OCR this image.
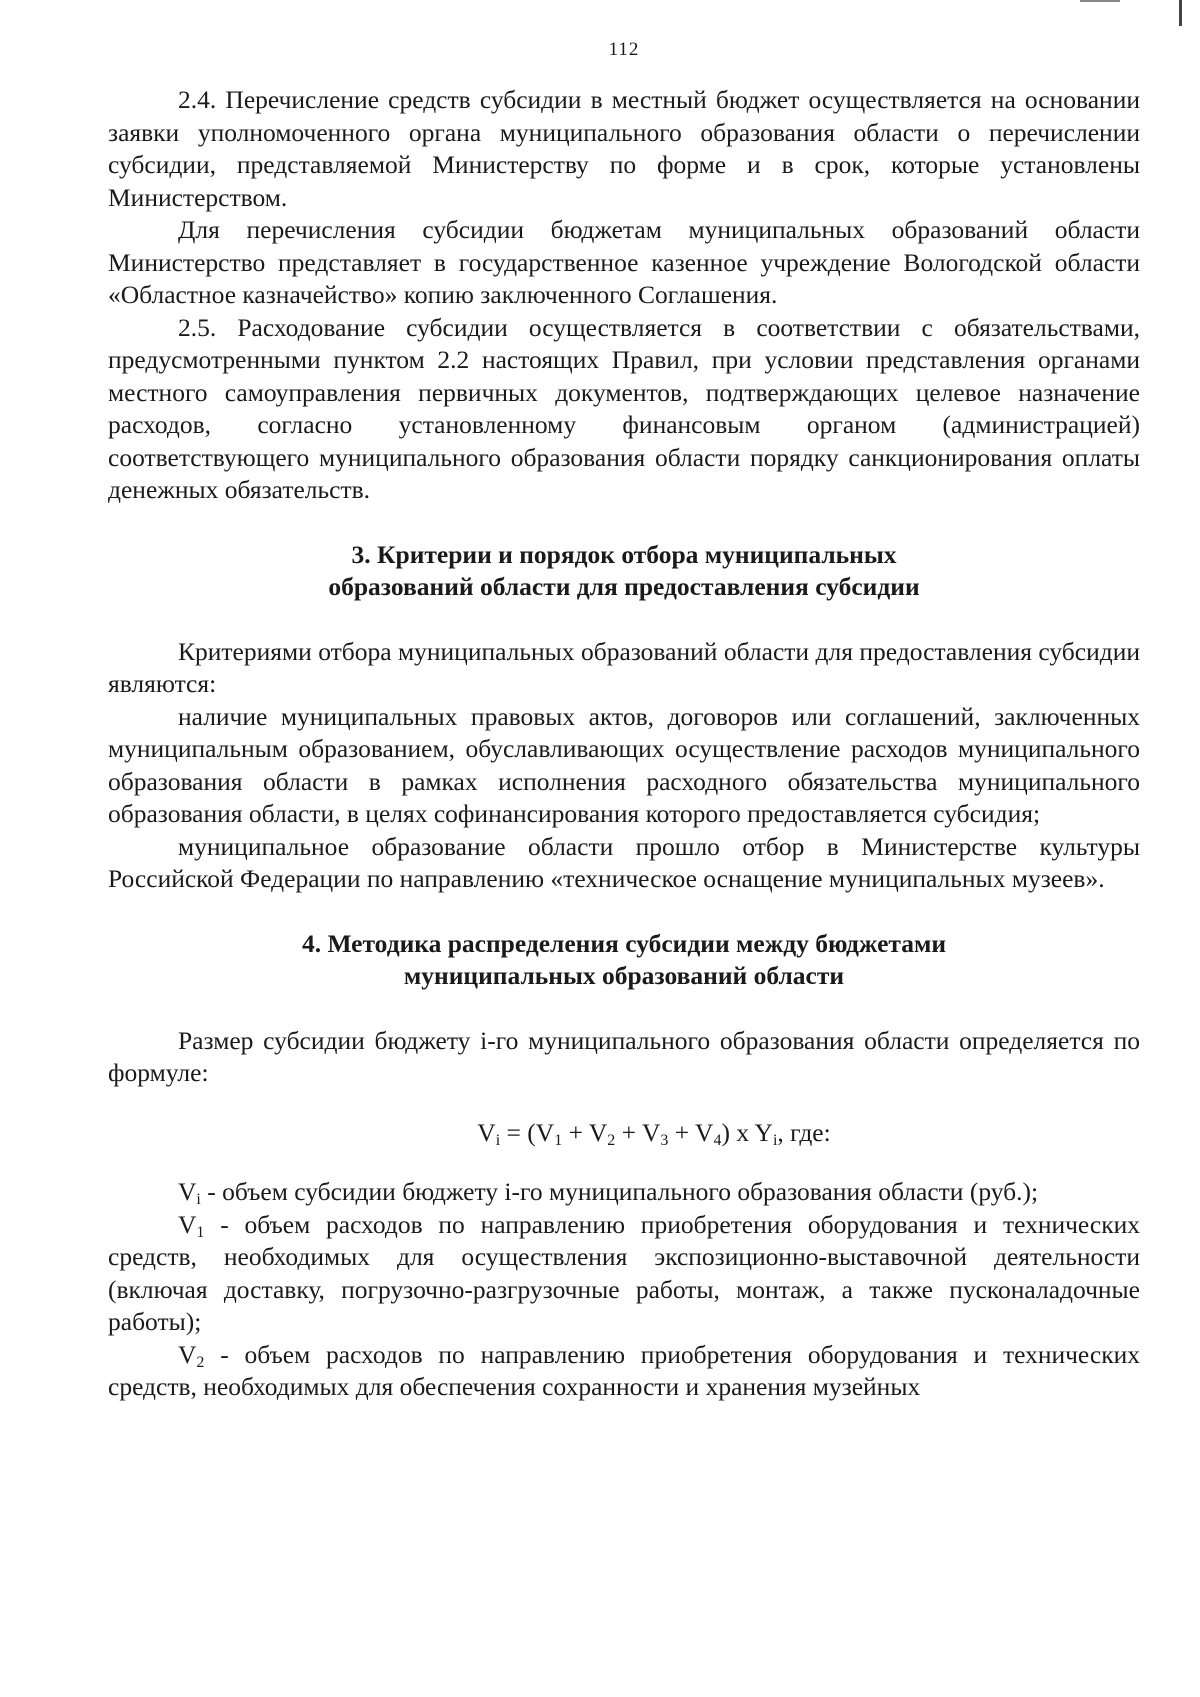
112

2.4. Перечисление средств субсидии в местный бюджет осуществляется на основании заявки уполномоченного органа муниципального образования области о перечислении субсидии, представляемой Министерству по форме и в срок, которые установлены Министерством.

Для перечисления субсидии бюджетам муниципальных образований области Министерство представляет в государственное казенное учреждение Вологодской области «Областное казначейство» копию заключенного Соглашения.

2.5. Расходование субсидии осуществляется в соответствии с обязательствами, предусмотренными пунктом 2.2 настоящих Правил, при условии представления органами местного самоуправления первичных документов, подтверждающих целевое назначение расходов, согласно установленному финансовым органом (администрацией) соответствующего муниципального образования области порядку санкционирования оплаты денежных обязательств.

3. Критерии и порядок отбора муниципальных
образований области для предоставления субсидии

Критериями отбора муниципальных образований области для предоставления субсидии являются:

наличие муниципальных правовых актов, договоров или соглашений, заключенных муниципальным образованием, обуславливающих осуществление расходов муниципального образования области в рамках исполнения расходного обязательства муниципального образования области, в целях софинансирования которого предоставляется субсидия;

муниципальное образование области прошло отбор в Министерстве культуры Российской Федерации по направлению «техническое оснащение муниципальных музеев».

4. Методика распределения субсидии между бюджетами
муниципальных образований области

Размер субсидии бюджету i-го муниципального образования области определяется по формуле:

$V_i = (V_1 + V_2 + V_3 + V_4)$ x $Y_i$, где:

$V_i$ - объем субсидии бюджету i-го муниципального образования области (руб.);

$V_1$ - объем расходов по направлению приобретения оборудования и технических средств, необходимых для осуществления экспозиционно-выставочной деятельности (включая доставку, погрузочно-разгрузочные работы, монтаж, а также пусконаладочные работы);

$V_2$ - объем расходов по направлению приобретения оборудования и технических средств, необходимых для обеспечения сохранности и хранения музейных
